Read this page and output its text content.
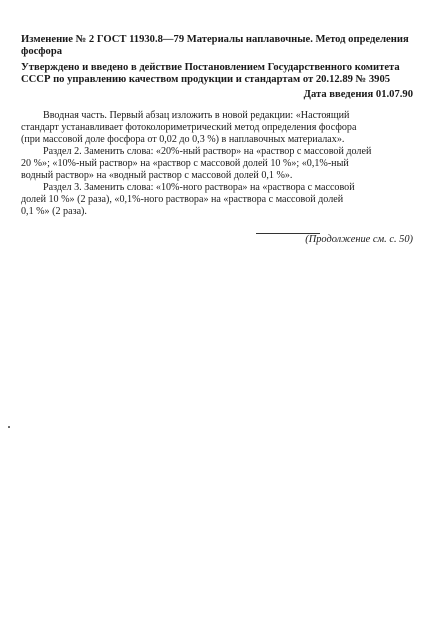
Изменение № 2 ГОСТ 11930.8—79 Материалы наплавочные. Метод определения
фосфора
Утверждено и введено в действие Постановлением Государственного комитета
СССР по управлению качеством продукции и стандартам от 20.12.89 № 3905
Дата введения 01.07.90
Вводная часть. Первый абзац изложить в новой редакции: «Настоящий
стандарт устанавливает фотоколориметрический метод определения фосфора
(при массовой доле фосфора от 0,02 до 0,3 %) в наплавочных материалах».
Раздел 2. Заменить слова: «20%-ный раствор» на «раствор с массовой долей
20 %»; «10%-ный раствор» на «раствор с массовой долей 10 %»; «0,1%-ный
водный раствор» на «водный раствор с массовой долей 0,1 %».
Раздел 3. Заменить слова: «10%-ного раствора» на «раствора с массовой
долей 10 %» (2 раза), «0,1%-ного раствора» на «раствора с массовой долей
0,1 %» (2 раза).
(Продолжение см. с. 50)
